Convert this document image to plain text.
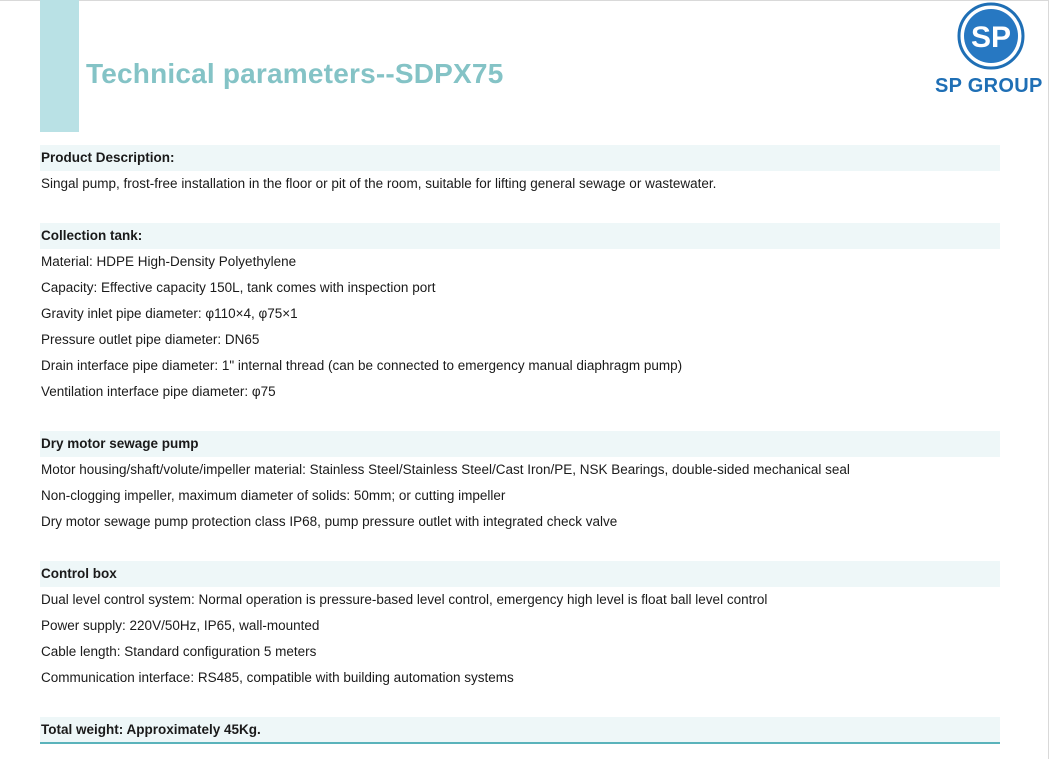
Technical parameters--SDPX75
SP
SP GROUP
Product Description:
Singal pump, frost-free installation in the floor or pit of the room, suitable for lifting general sewage or wastewater.
Collection tank:
Material: HDPE High-Density Polyethylene
Capacity: Effective capacity 150L, tank comes with inspection port
Gravity inlet pipe diameter: φ110×4, φ75×1
Pressure outlet pipe diameter: DN65
Drain interface pipe diameter: 1" internal thread (can be connected to emergency manual diaphragm pump)
Ventilation interface pipe diameter: φ75
Dry motor sewage pump
Motor housing/shaft/volute/impeller material: Stainless Steel/Stainless Steel/Cast Iron/PE, NSK Bearings, double-sided mechanical seal
Non-clogging impeller, maximum diameter of solids: 50mm; or cutting impeller
Dry motor sewage pump protection class IP68, pump pressure outlet with integrated check valve
Control box
Dual level control system: Normal operation is pressure-based level control, emergency high level is float ball level control
Power supply: 220V/50Hz, IP65, wall-mounted
Cable length: Standard configuration 5 meters
Communication interface: RS485, compatible with building automation systems
Total weight: Approximately 45Kg.
